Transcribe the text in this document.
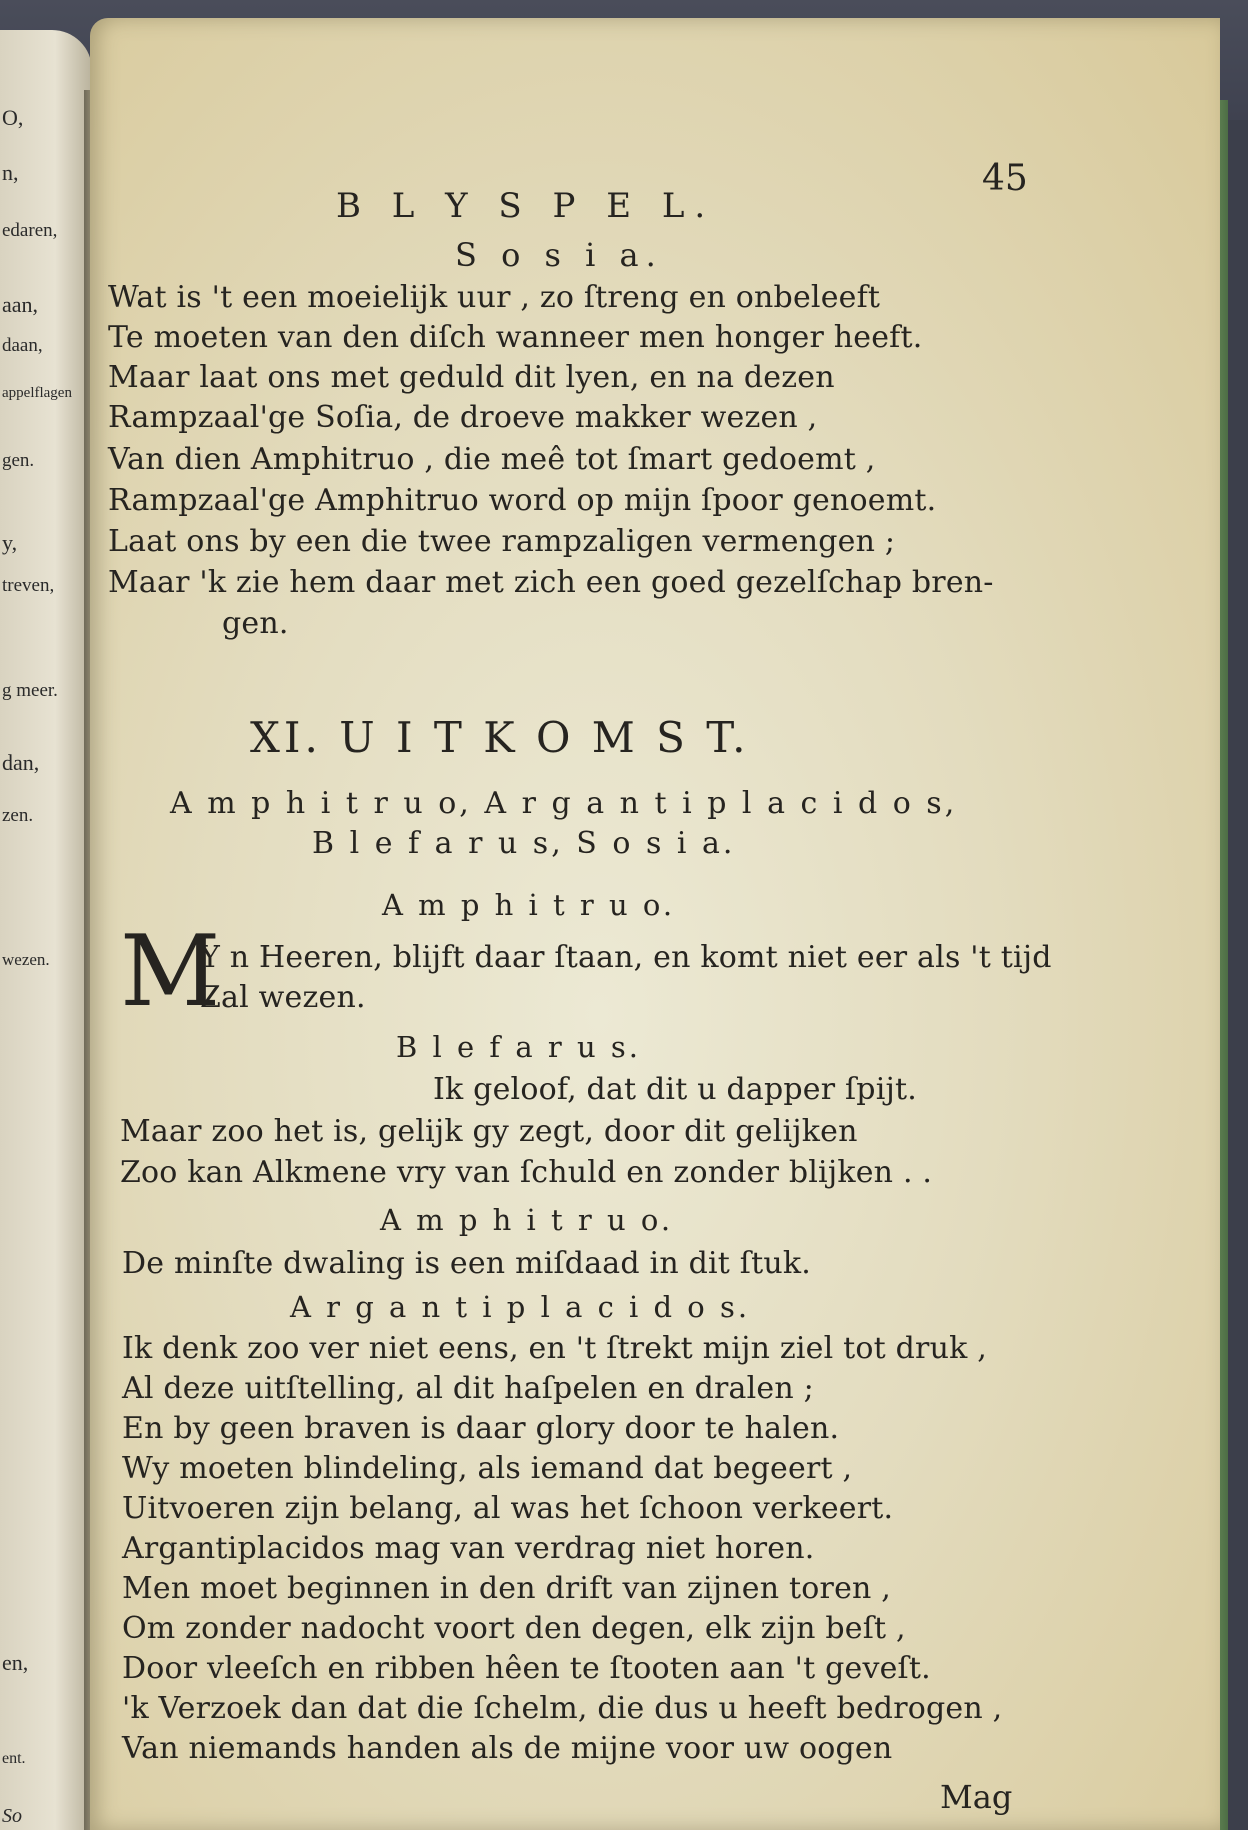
O,
n,
edaren,
aan,
daan,
appelflagen
gen.
y,
treven,
g meer.
dan,
zen.
wezen.
en,
ent.
So
B L Y S P E L.
45
S o s i a.
Wat is 't een moeielijk uur , zo ſtreng en onbeleeft
Te moeten van den diſch wanneer men honger heeft.
Maar laat ons met geduld dit lyen, en na dezen
Rampzaal'ge Soſia, de droeve makker wezen ,
Van dien Amphitruo , die meê tot ſmart gedoemt ,
Rampzaal'ge Amphitruo word op mijn ſpoor genoemt.
Laat ons by een die twee rampzaligen vermengen ;
Maar 'k zie hem daar met zich een goed gezelſchap bren-
gen.
XI. U I T K O M S T.
A m p h i t r u o, A r g a n t i p l a c i d o s,
B l e f a r u s, S o s i a.
A m p h i t r u o.
M
Y n Heeren, blijft daar ſtaan, en komt niet eer als 't tijd
Zal wezen.
B l e f a r u s.
Ik geloof, dat dit u dapper ſpijt.
Maar zoo het is, gelijk gy zegt, door dit gelijken
Zoo kan Alkmene vry van ſchuld en zonder blijken . .
A m p h i t r u o.
De minſte dwaling is een miſdaad in dit ſtuk.
A r g a n t i p l a c i d o s.
Ik denk zoo ver niet eens, en 't ſtrekt mijn ziel tot druk ,
Al deze uitſtelling, al dit haſpelen en dralen ;
En by geen braven is daar glory door te halen.
Wy moeten blindeling, als iemand dat begeert ,
Uitvoeren zijn belang, al was het ſchoon verkeert.
Argantiplacidos mag van verdrag niet horen.
Men moet beginnen in den drift van zijnen toren ,
Om zonder nadocht voort den degen, elk zijn beſt ,
Door vleeſch en ribben hêen te ſtooten aan 't geveſt.
'k Verzoek dan dat die ſchelm, die dus u heeft bedrogen ,
Van niemands handen als de mijne voor uw oogen
Mag
